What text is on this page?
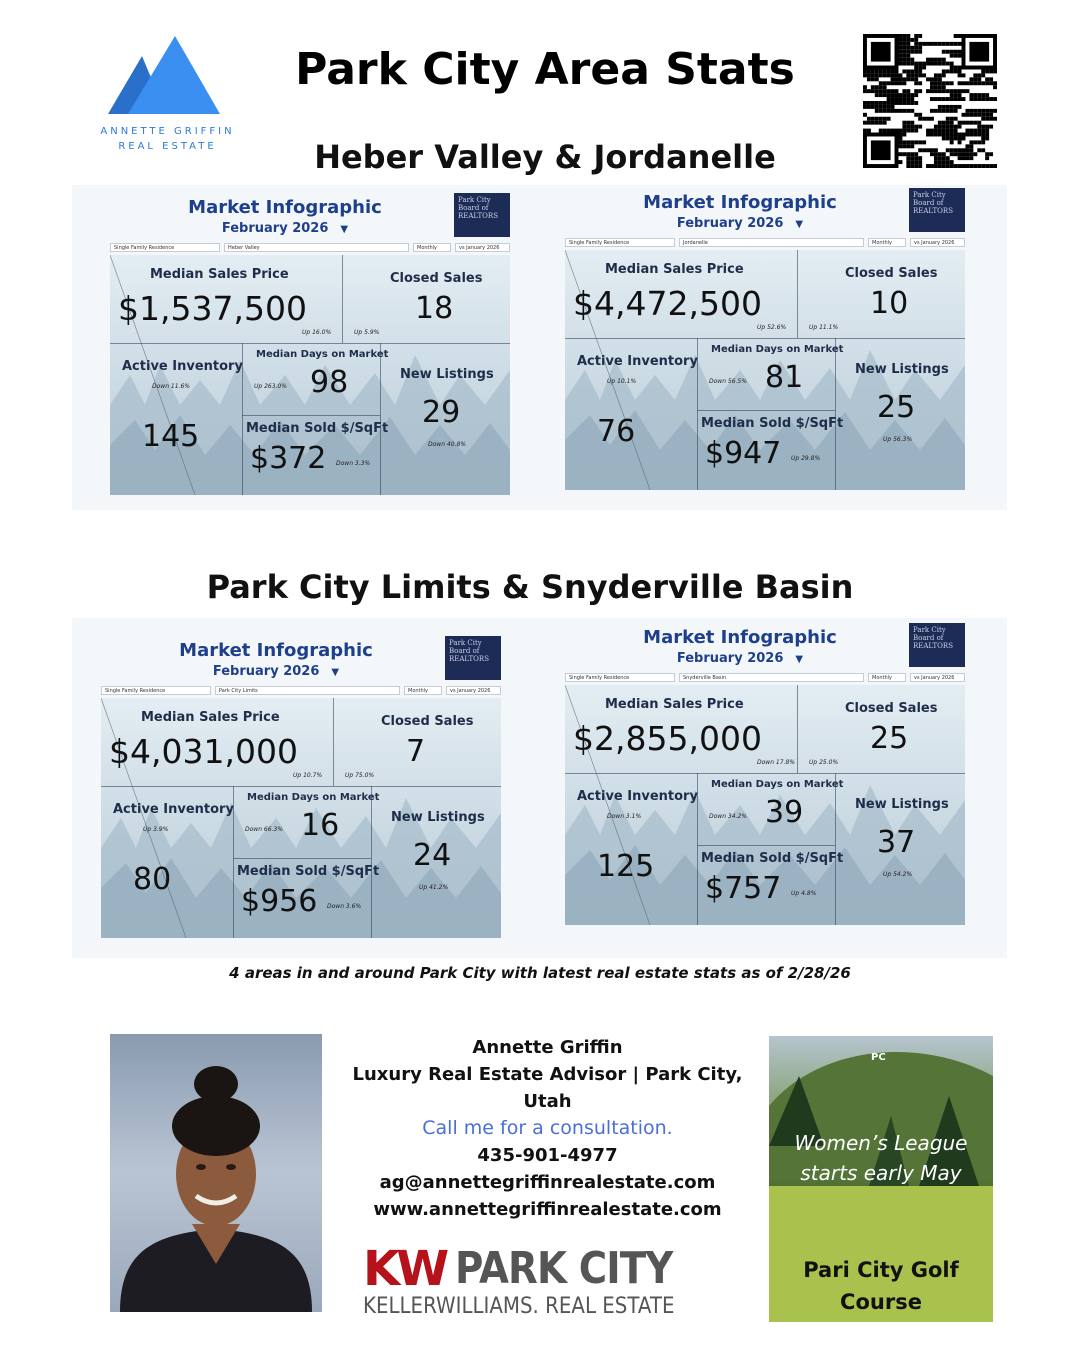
ANNETTE GRIFFIN
REAL ESTATE
Park City Area Stats
Heber Valley & Jordanelle
Park City Limits & Snyderville Basin
Market Infographic
February 2026 ▼
Park City Board of REALTORS
Single Family Residence	Heber Valley	Monthly	vs January 2026
Median Sales Price
$1,537,500
Up 16.0%
Closed Sales
18
Up 5.9%
Active Inventory
Down 11.6%
145
Median Days on Market
Up 263.0% 98
Median Sold $/SqFt
$372 Down 3.3%
New Listings
29
Down 40.8%
Market Infographic
February 2026 ▼
Park City Board of REALTORS
Single Family Residence	Jordanelle	Monthly	vs January 2026
Median Sales Price
$4,472,500
Up 52.6%
Closed Sales
10
Up 11.1%
Active Inventory
Up 10.1%
76
Median Days on Market
Down 56.5% 81
Median Sold $/SqFt
$947 Up 29.8%
New Listings
25
Up 56.3%
Market Infographic
February 2026 ▼
Park City Board of REALTORS
Single Family Residence	Park City Limits	Monthly	vs January 2026
Median Sales Price
$4,031,000
Up 10.7%
Closed Sales
7
Up 75.0%
Active Inventory
Up 3.9%
80
Median Days on Market
Down 66.3% 16
Median Sold $/SqFt
$956 Down 3.6%
New Listings
24
Up 41.2%
Market Infographic
February 2026 ▼
Park City Board of REALTORS
Single Family Residence	Snyderville Basin	Monthly	vs January 2026
Median Sales Price
$2,855,000
Down 17.8%
Closed Sales
25
Up 25.0%
Active Inventory
Down 3.1%
125
Median Days on Market
Down 34.2% 39
Median Sold $/SqFt
$757 Up 4.8%
New Listings
37
Up 54.2%
4 areas in and around Park City with latest real estate stats as of 2/28/26
Annette Griffin
Luxury Real Estate Advisor | Park City,
Utah
Call me for a consultation.
435-901-4977
ag@annettegriffinrealestate.com
www.annettegriffinrealestate.com
KW PARK CITY
KELLERWILLIAMS. REAL ESTATE
PC
Women’s League
starts early May
Pari City Golf
Course
